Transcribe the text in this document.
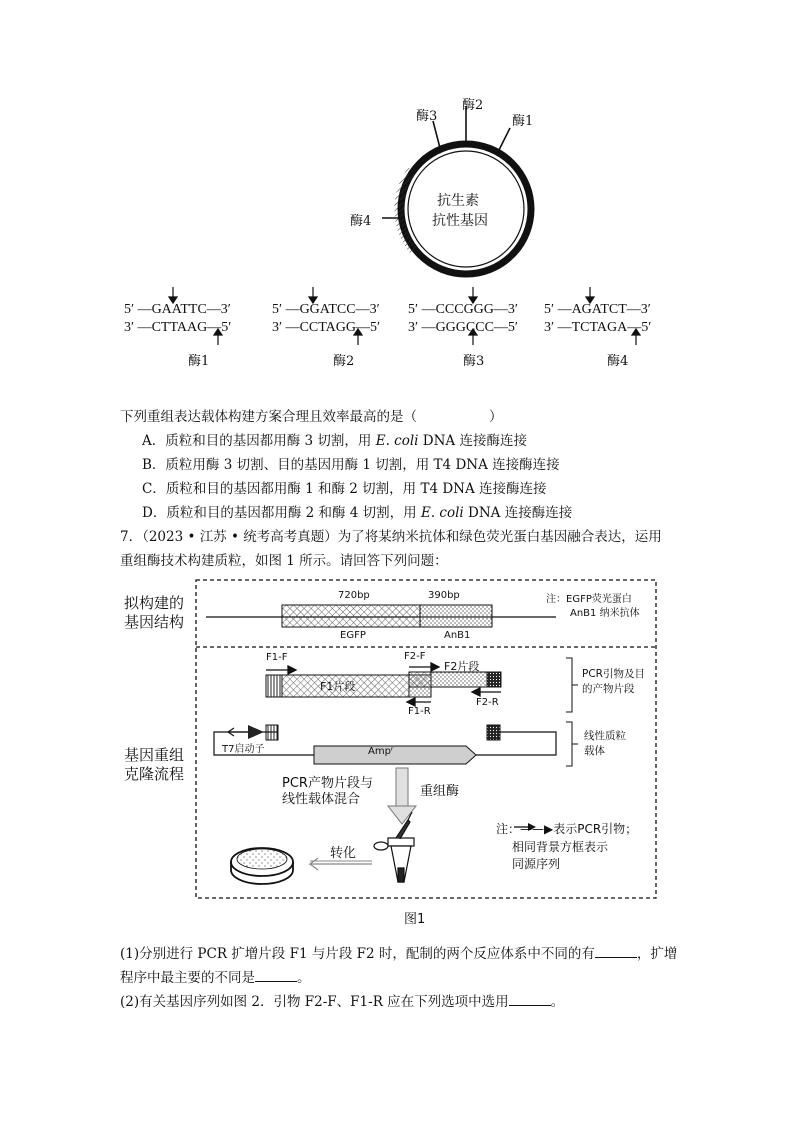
酶3
酶2
酶1
酶4
抗生素
抗性基因
5′ —GAATTC—3′
3′ —CTTAAG—5′
酶1
5′ —GGATCC—3′
3′ —CCTAGG—5′
酶2
5′ —CCCGGG—3′
3′ —GGGCCC—5′
酶3
5′ —AGATCT—3′
3′ —TCTAGA—5′
酶4
下列重组表达载体构建方案合理且效率最高的是（	）
A．质粒和目的基因都用酶 3 切割，用 E. coli DNA 连接酶连接
B．质粒用酶 3 切割、目的基因用酶 1 切割，用 T4 DNA 连接酶连接
C．质粒和目的基因都用酶 1 和酶 2 切割，用 T4 DNA 连接酶连接
D．质粒和目的基因都用酶 2 和酶 4 切割，用 E. coli DNA 连接酶连接
7．（2023 • 江苏 • 统考高考真题）为了将某纳米抗体和绿色荧光蛋白基因融合表达，运用
重组酶技术构建质粒，如图 1 所示。请回答下列问题：
拟构建的
基因结构
基因重组
克隆流程
720bp	390bp
EGFP	AnB1
注：EGFP荧光蛋白
AnB1 纳米抗体
F1-F
F1片段
F2-F
F2片段
F1-R
F2-R
PCR引物及目
的产物片段
线性质粒
载体
T7启动子	Ampʳ
PCR产物片段与
线性载体混合
重组酶
转化
注：——▶表示PCR引物；
相同背景方框表示
同源序列
图1
(1)分别进行 PCR 扩增片段 F1 与片段 F2 时，配制的两个反应体系中不同的有	，扩增
程序中最主要的不同是	。
(2)有关基因序列如图 2．引物 F2-F、F1-R 应在下列选项中选用	。
